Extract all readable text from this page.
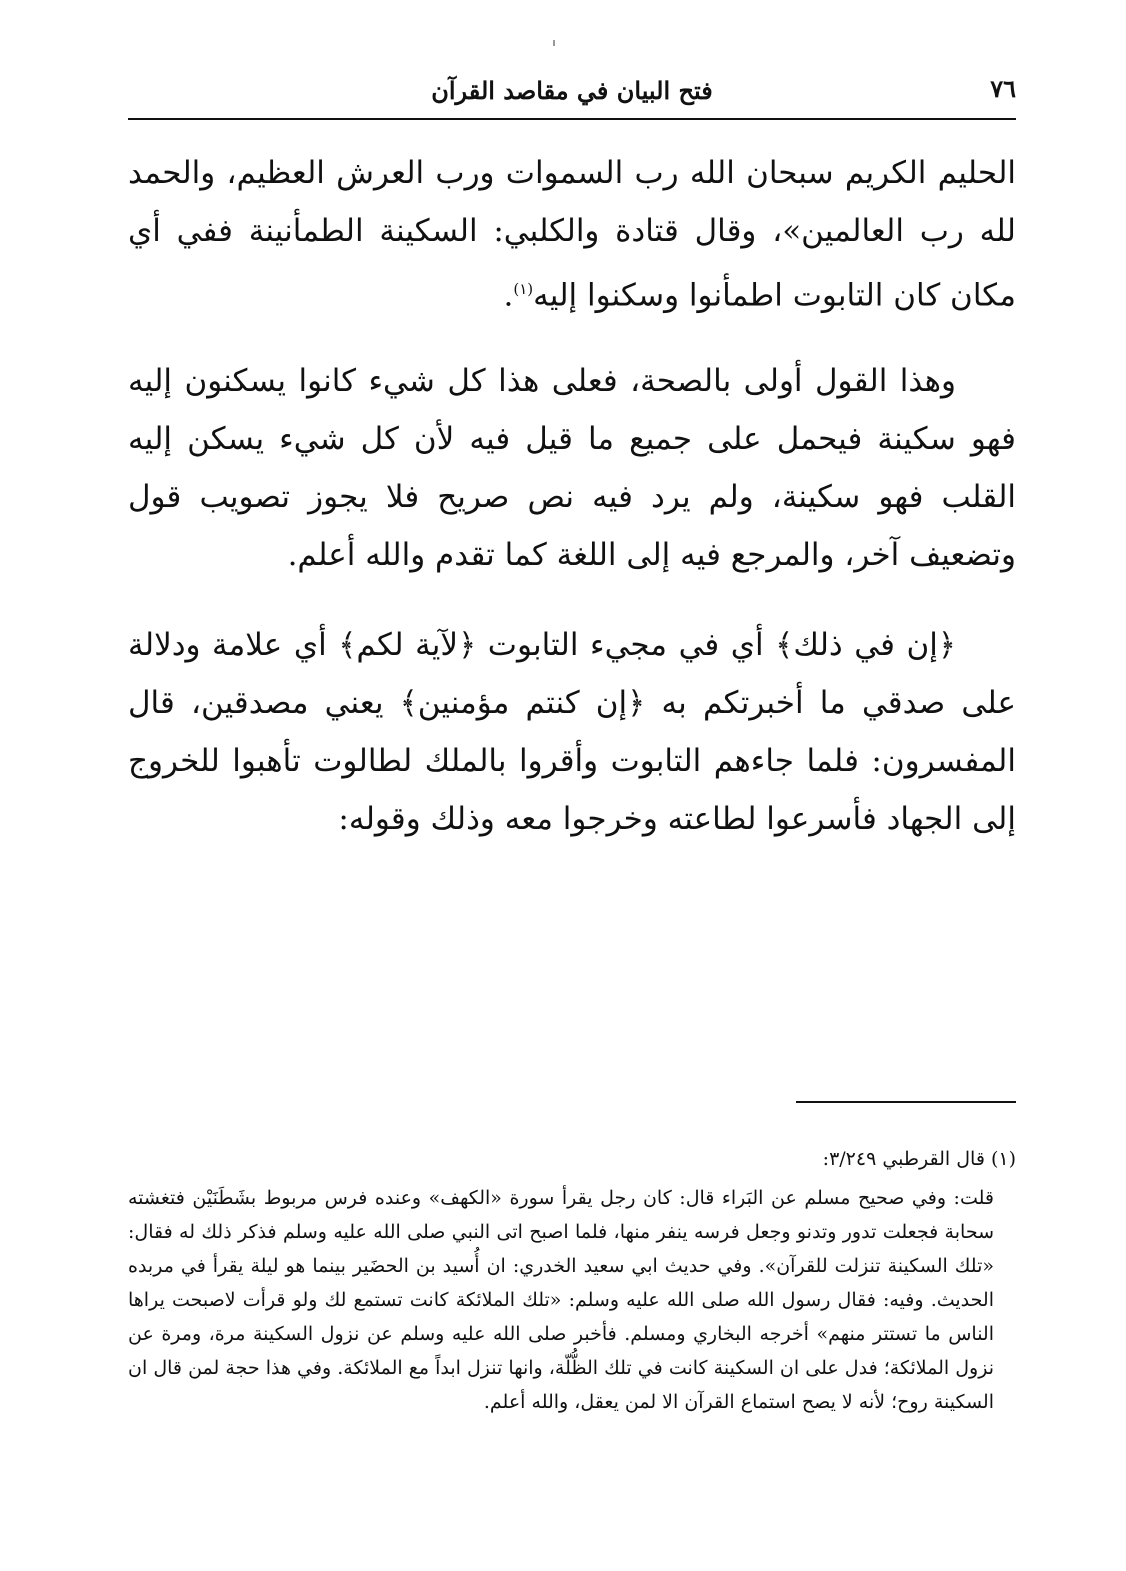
٧٦
فتح البيان في مقاصد القرآن
الحليم الكريم سبحان الله رب السموات ورب العرش العظيم، والحمد لله رب العالمين»، وقال قتادة والكلبي: السكينة الطمأنينة ففي أي مكان كان التابوت اطمأنوا وسكنوا إليه$^{(١)}$.
وهذا القول أولى بالصحة، فعلى هذا كل شيء كانوا يسكنون إليه فهو سكينة فيحمل على جميع ما قيل فيه لأن كل شيء يسكن إليه القلب فهو سكينة، ولم يرد فيه نص صريح فلا يجوز تصويب قول وتضعيف آخر، والمرجع فيه إلى اللغة كما تقدم والله أعلم.
﴿إن في ذلك﴾ أي في مجيء التابوت ﴿لآية لكم﴾ أي علامة ودلالة على صدقي ما أخبرتكم به ﴿إن كنتم مؤمنين﴾ يعني مصدقين، قال المفسرون: فلما جاءهم التابوت وأقروا بالملك لطالوت تأهبوا للخروج إلى الجهاد فأسرعوا لطاعته وخرجوا معه وذلك وقوله:
(١) قال القرطبي ٣/٢٤٩:
قلت: وفي صحيح مسلم عن البَراء قال: كان رجل يقرأ سورة «الكهف» وعنده فرس مربوط بشَطَنَيْن فتغشته سحابة فجعلت تدور وتدنو وجعل فرسه ينفر منها، فلما اصبح اتى النبي صلى الله عليه وسلم فذكر ذلك له فقال: «تلك السكينة تنزلت للقرآن». وفي حديث ابي سعيد الخدري: ان أُسيد بن الحضَير بينما هو ليلة يقرأ في مربده الحديث. وفيه: فقال رسول الله صلى الله عليه وسلم: «تلك الملائكة كانت تستمع لك ولو قرأت لاصبحت يراها الناس ما تستتر منهم» أخرجه البخاري ومسلم. فأخبر صلى الله عليه وسلم عن نزول السكينة مرة، ومرة عن نزول الملائكة؛ فدل على ان السكينة كانت في تلك الظُّلّة، وانها تنزل ابداً مع الملائكة. وفي هذا حجة لمن قال ان السكينة روح؛ لأنه لا يصح استماع القرآن الا لمن يعقل، والله أعلم.
